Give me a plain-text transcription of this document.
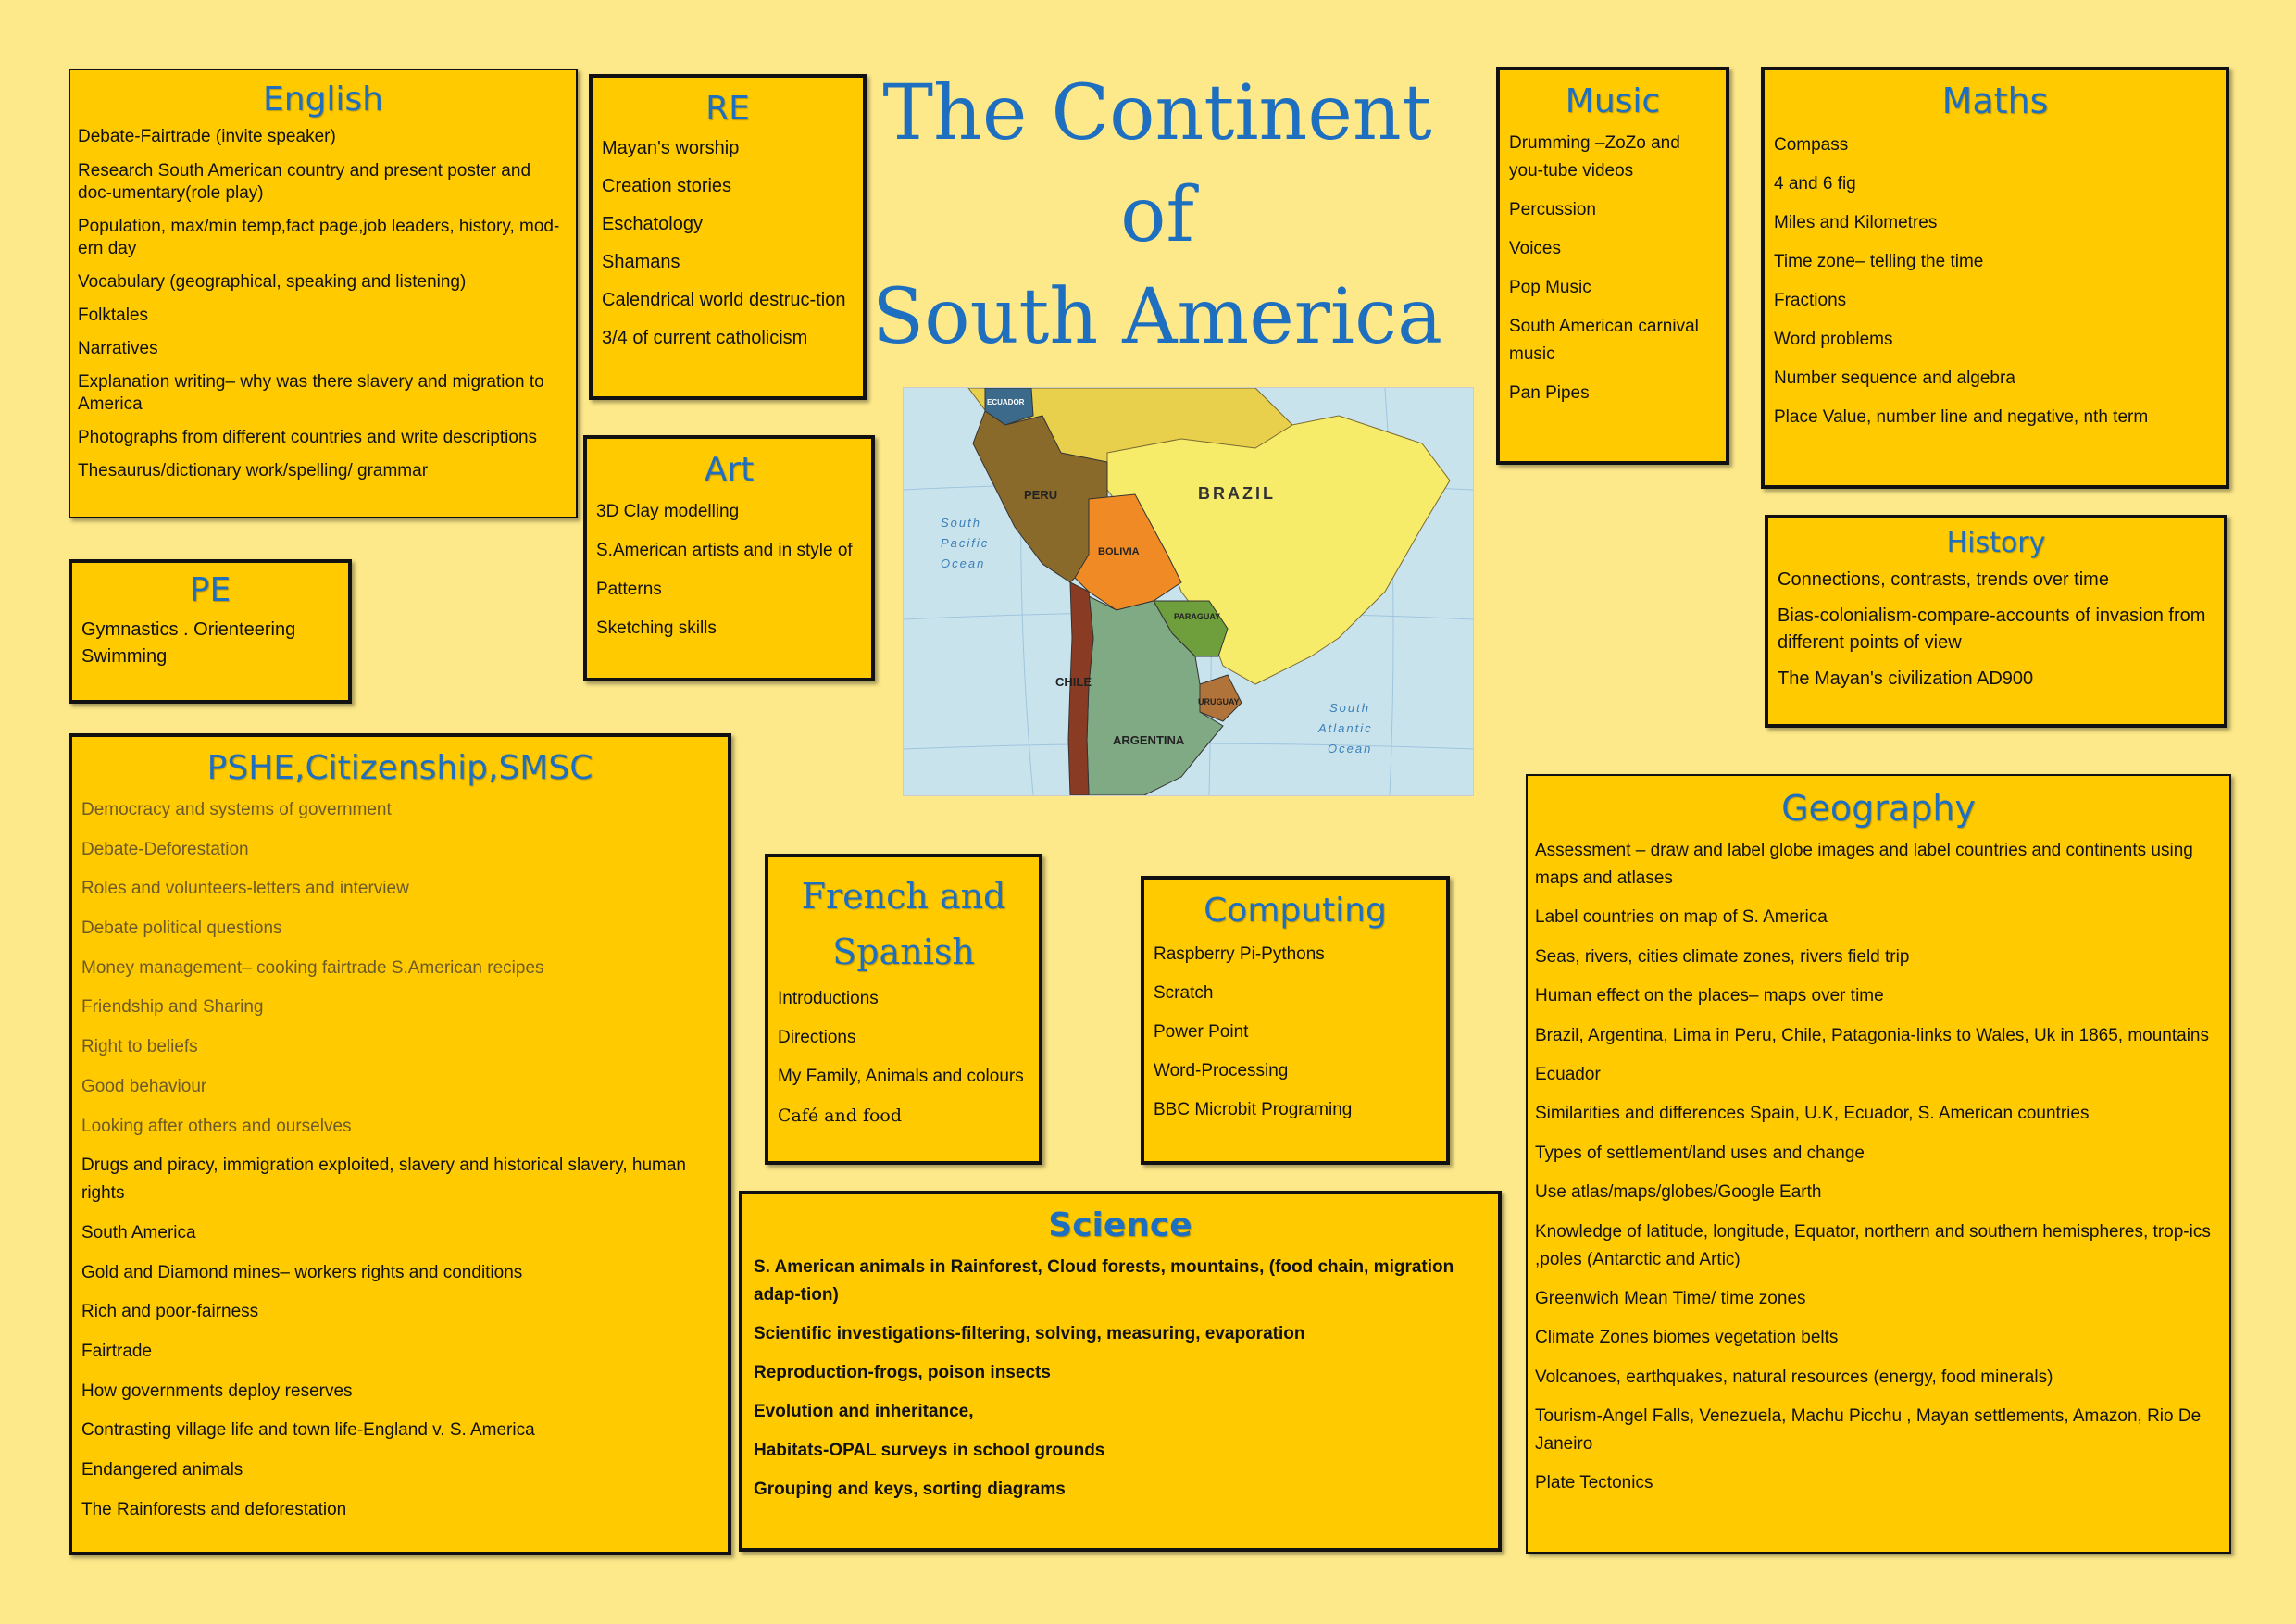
The Continent of
South America
English
Debate-Fairtrade (invite speaker)
Research South American country and present poster and doc-umentary(role play)
Population, max/min temp,fact page,job leaders, history, mod-ern day
Vocabulary (geographical, speaking and listening)
Folktales
Narratives
Explanation writing– why was there slavery and migration to America
Photographs from different countries and write descriptions
Thesaurus/dictionary work/spelling/ grammar
RE
Mayan's worship
Creation stories
Eschatology
Shamans
Calendrical world destruc-tion
3/4 of current catholicism
Art
3D Clay modelling
S.American artists and in style of
Patterns
Sketching skills
Music
Drumming –ZoZo and you-tube videos
Percussion
Voices
Pop Music
South American carnival music
Pan Pipes
Maths
Compass
4 and 6 fig
Miles and Kilometres
Time zone– telling the time
Fractions
Word problems
Number sequence and algebra
Place Value, number line and negative, nth term
PE
Gymnastics . Orienteering
Swimming
BRAZIL
PERU
BOLIVIA
PARAGUAY
CHILE
ARGENTINA
URUGUAY
ECUADOR
South
Pacific
Ocean
South
Atlantic
Ocean
History
Connections, contrasts, trends over time
Bias-colonialism-compare-accounts of invasion from different points of view
The Mayan's civilization AD900
PSHE,Citizenship,SMSC
Democracy and systems of government
Debate-Deforestation
Roles and volunteers-letters and interview
Debate political questions
Money management– cooking fairtrade S.American recipes
Friendship and Sharing
Right to beliefs
Good behaviour
Looking after others and ourselves
Drugs and piracy, immigration exploited, slavery and historical slavery, human rights
South America
Gold and Diamond mines– workers rights and conditions
Rich and poor-fairness
Fairtrade
How governments deploy reserves
Contrasting village life and town life-England v. S. America
Endangered animals
The Rainforests and deforestation
French and
Spanish
Introductions
Directions
My Family, Animals and colours
Café and food
Computing
Raspberry Pi-Pythons
Scratch
Power Point
Word-Processing
BBC Microbit Programing
Science
S. American animals in Rainforest, Cloud forests, mountains, (food chain, migration adap-tion)
Scientific investigations-filtering, solving, measuring, evaporation
Reproduction-frogs, poison insects
Evolution and inheritance,
Habitats-OPAL surveys in school grounds
Grouping and keys, sorting diagrams
Geography
Assessment – draw and label globe images and label countries and continents using maps and atlases
Label countries on map of S. America
Seas, rivers, cities climate zones, rivers field trip
Human effect on the places– maps over time
Brazil, Argentina, Lima in Peru, Chile, Patagonia-links to Wales, Uk in 1865, mountains
Ecuador
Similarities and differences Spain, U.K, Ecuador, S. American countries
Types of settlement/land uses and change
Use atlas/maps/globes/Google Earth
Knowledge of latitude, longitude, Equator, northern and southern hemispheres, trop-ics ,poles (Antarctic and Artic)
Greenwich Mean Time/ time zones
Climate Zones biomes vegetation belts
Volcanoes, earthquakes, natural resources (energy, food minerals)
Tourism-Angel Falls, Venezuela, Machu Picchu , Mayan settlements, Amazon, Rio De Janeiro
Plate Tectonics
